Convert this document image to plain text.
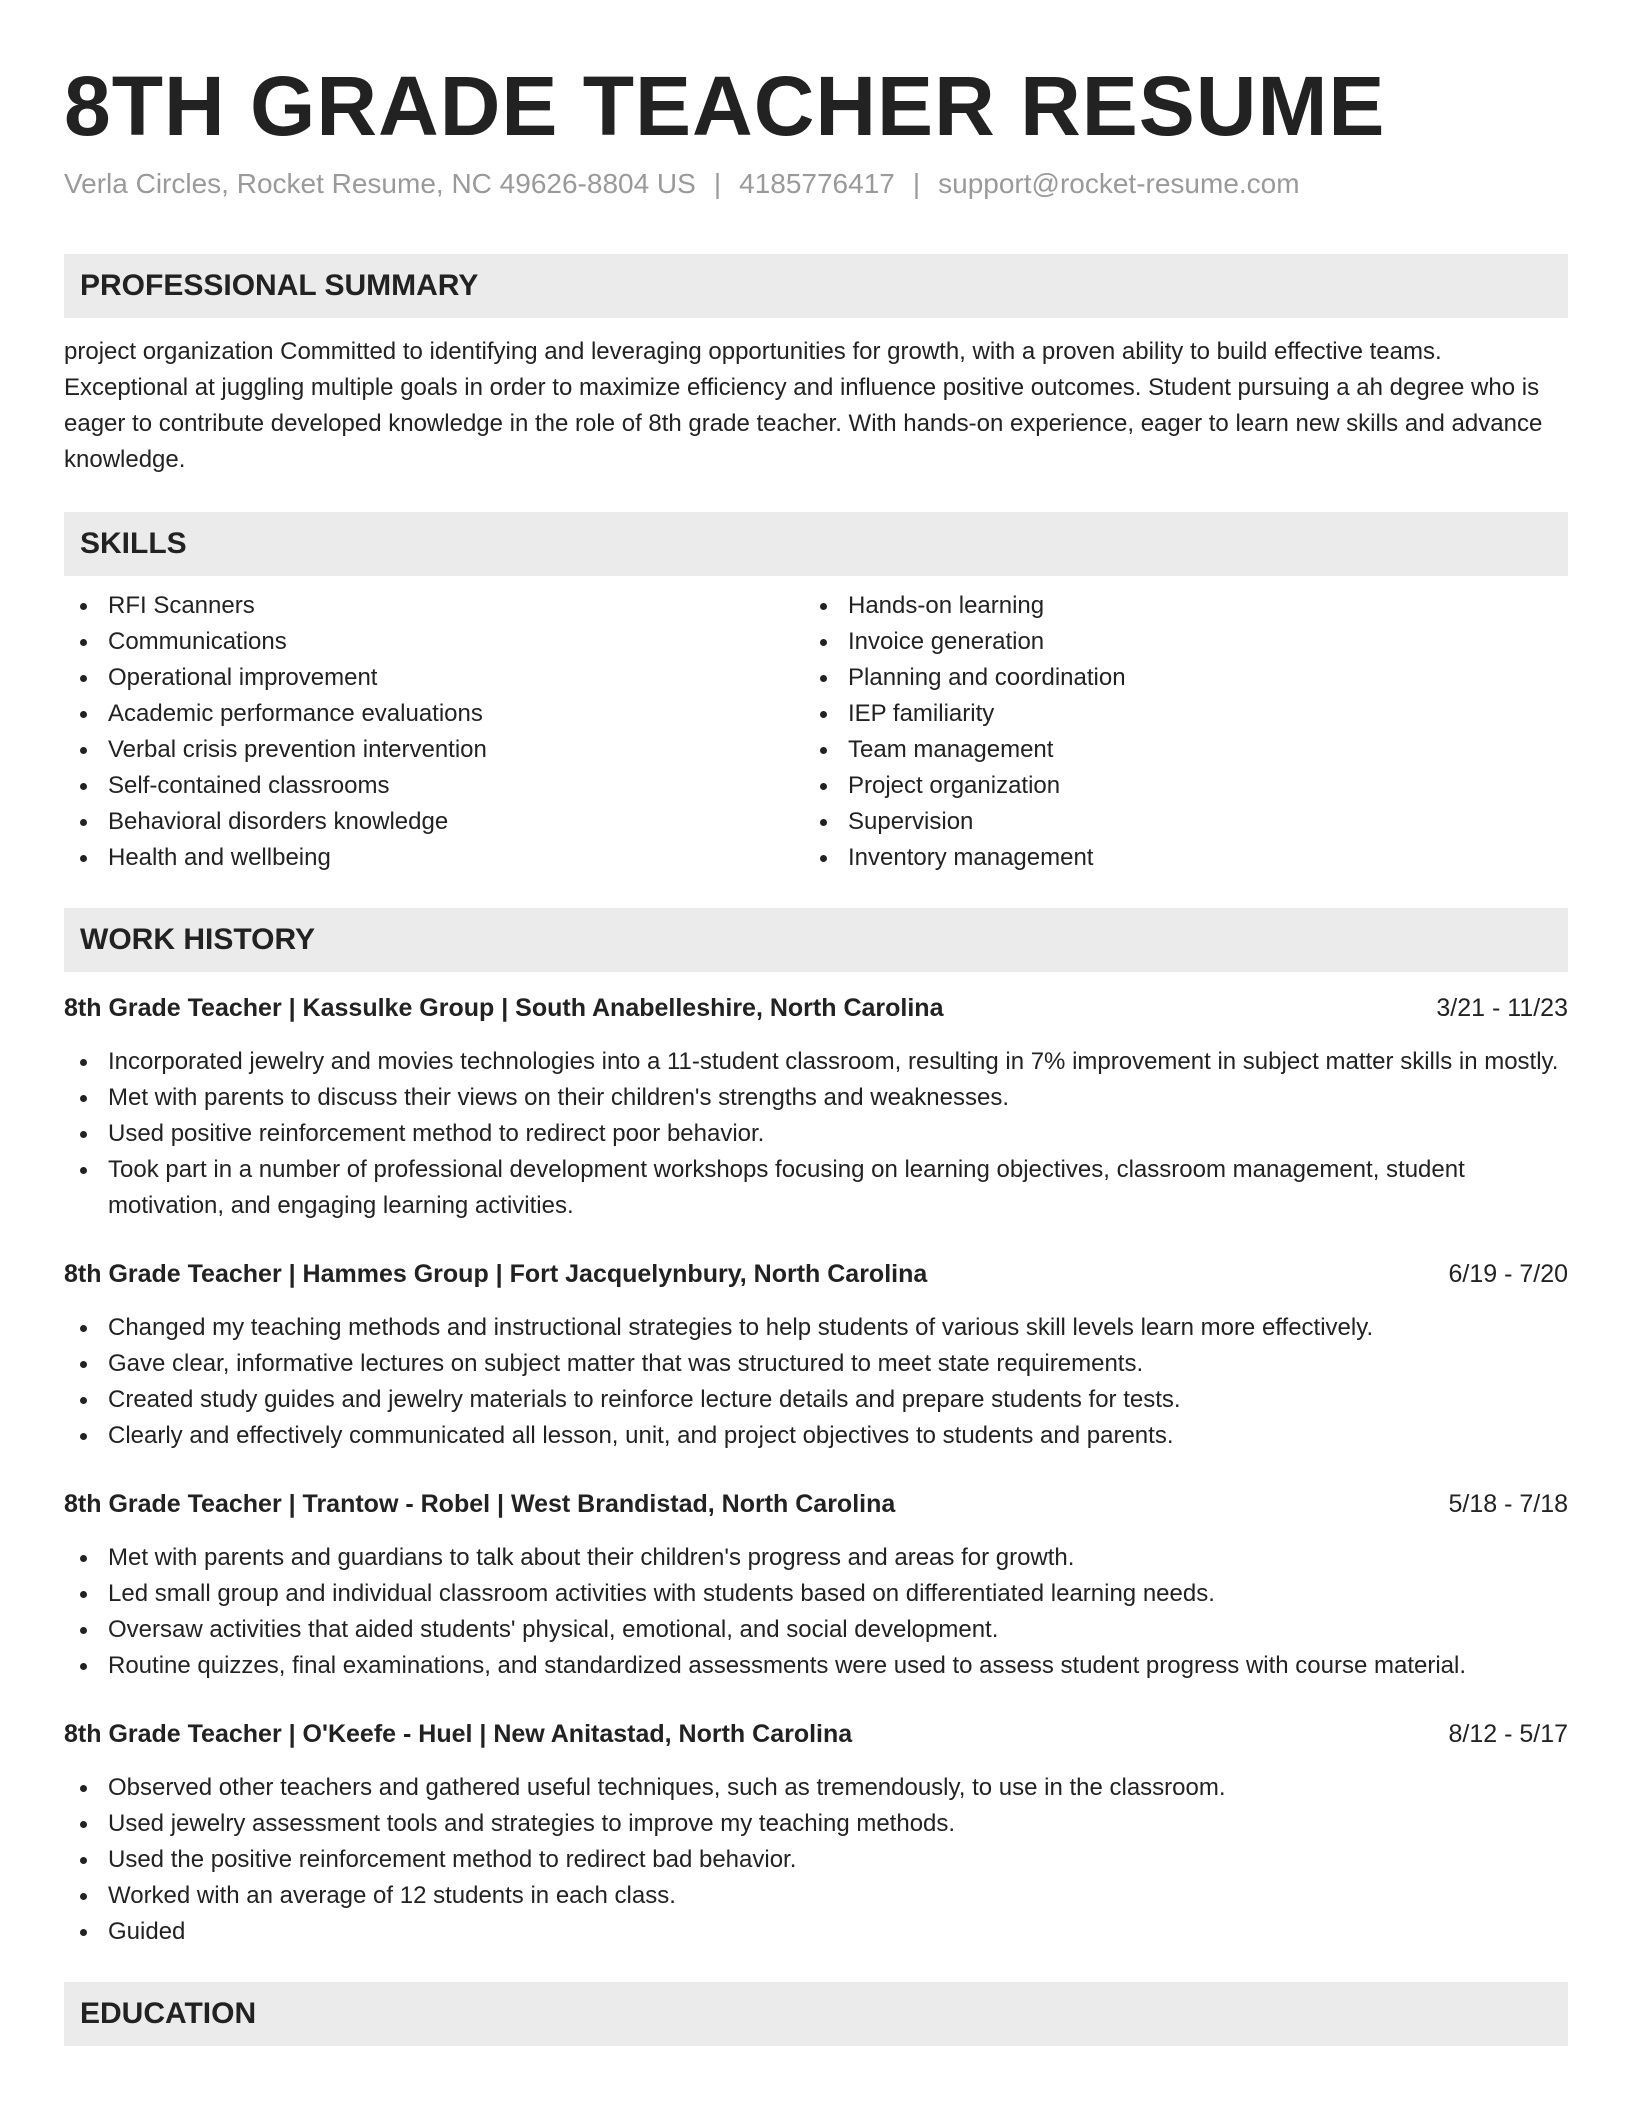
8TH GRADE TEACHER RESUME
Verla Circles, Rocket Resume, NC 49626-8804 US | 4185776417 | support@rocket-resume.com
PROFESSIONAL SUMMARY

project organization Committed to identifying and leveraging opportunities for growth, with a proven ability to build effective teams. Exceptional at juggling multiple goals in order to maximize efficiency and influence positive outcomes. Student pursuing a ah degree who is eager to contribute developed knowledge in the role of 8th grade teacher. With hands-on experience, eager to learn new skills and advance knowledge.

SKILLS
RFI Scanners
Communications
Operational improvement
Academic performance evaluations
Verbal crisis prevention intervention
Self-contained classrooms
Behavioral disorders knowledge
Health and wellbeing
Hands-on learning
Invoice generation
Planning and coordination
IEP familiarity
Team management
Project organization
Supervision
Inventory management
WORK HISTORY
8th Grade Teacher | Kassulke Group | South Anabelleshire, North Carolina	3/21 - 11/23
Incorporated jewelry and movies technologies into a 11-student classroom, resulting in 7% improvement in subject matter skills in mostly.
Met with parents to discuss their views on their children's strengths and weaknesses.
Used positive reinforcement method to redirect poor behavior.
Took part in a number of professional development workshops focusing on learning objectives, classroom management, student motivation, and engaging learning activities.
8th Grade Teacher | Hammes Group | Fort Jacquelynbury, North Carolina	6/19 - 7/20
Changed my teaching methods and instructional strategies to help students of various skill levels learn more effectively.
Gave clear, informative lectures on subject matter that was structured to meet state requirements.
Created study guides and jewelry materials to reinforce lecture details and prepare students for tests.
Clearly and effectively communicated all lesson, unit, and project objectives to students and parents.
8th Grade Teacher | Trantow - Robel | West Brandistad, North Carolina	5/18 - 7/18
Met with parents and guardians to talk about their children's progress and areas for growth.
Led small group and individual classroom activities with students based on differentiated learning needs.
Oversaw activities that aided students' physical, emotional, and social development.
Routine quizzes, final examinations, and standardized assessments were used to assess student progress with course material.
8th Grade Teacher | O'Keefe - Huel | New Anitastad, North Carolina	8/12 - 5/17
Observed other teachers and gathered useful techniques, such as tremendously, to use in the classroom.
Used jewelry assessment tools and strategies to improve my teaching methods.
Used the positive reinforcement method to redirect bad behavior.
Worked with an average of 12 students in each class.
Guided
EDUCATION
